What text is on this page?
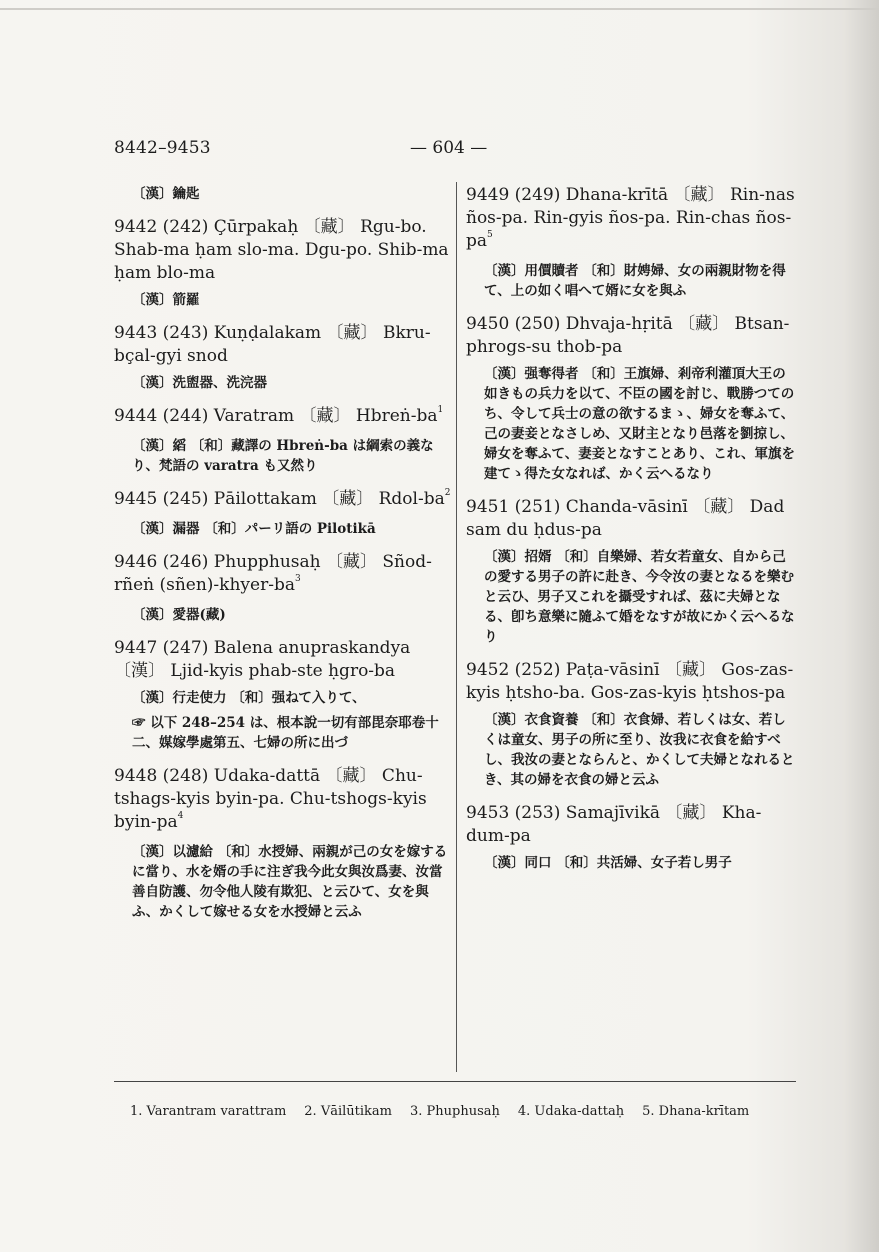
8442–9453	— 604 —
〔漢〕鑰匙

9442 (242) Çūrpakaḥ 〔藏〕 Rgu-bo. Shab-ma ḥam slo-ma. Dgu-po. Shib-ma ḥam blo-ma

〔漢〕箭羅

9443 (243) Kuṇḍalakam 〔藏〕 Bkru-bçal-gyi snod

〔漢〕洗盥器、洗浣器

9444 (244) Varatram 〔藏〕 Hbreṅ-$ba^1$

〔漢〕縚 〔和〕藏譯の Hbreṅ-ba は綱索の義なり、梵語の varatra も又然り

9445 (245) Pāilottakam 〔藏〕 Rdol-$ba^2$

〔漢〕漏器 〔和〕パーリ語の Pilotikā

9446 (246) Phupphusaḥ 〔藏〕 Sñod-rñeṅ $(sñen)-khyer-ba^3$

〔漢〕愛器(藏)

9447 (247) Balena anupraskandya 〔漢〕 Ljid-kyis phab-ste ḥgro-ba

〔漢〕行走使力 〔和〕强ねて入りて、
☞ 以下 248–254 は、根本說一切有部毘奈耶卷十二、媒嫁學處第五、七婦の所に出づ

9448 (248) Udaka-dattā 〔藏〕 Chu-tshags-kyis byin-pa. Chu-tshogs-kyis byin-$pa^4$

〔漢〕以濾給 〔和〕水授婦、兩親が己の女を嫁するに當り、水を婿の手に注ぎ我今此女與汝爲妻、汝當善自防護、勿令他人陵有欺犯、と云ひて、女を與ふ、かくして嫁せる女を水授婦と云ふ

9449 (249) Dhana-krītā 〔藏〕 Rin-nas ños-pa. Rin-gyis ños-pa. Rin-chas ños-$pa^5$

〔漢〕用價贖者 〔和〕財娉婦、女の兩親財物を得て、上の如く唱へて婿に女を與ふ

9450 (250) Dhvaja-hṛitā 〔藏〕 Btsan-phrogs-su thob-pa

〔漢〕强奪得者 〔和〕王旗婦、剎帝利灌頂大王の如きもの兵力を以て、不臣の國を討じ、戰勝つての ち、令して兵士の意の欲するまゝ、婦女を奪ふて、己の妻妾となさしめ、又財主となり邑落を劉掠し、婦女を奪ふて、妻妾となすことあり、これ、軍旗を建てゝ得た女なれば、かく云へるなり

9451 (251) Chanda-vāsinī 〔藏〕 Dad sam du ḥdus-pa

〔漢〕招婿 〔和〕自樂婦、若女若童女、自から己の愛する男子の許に赴き、今令汝の妻となるを樂むと云ひ、男子又これを攝受すれば、茲に夫婦となる、卽ち意樂に隨ふて婚をなすが故にかく云へるなり

9452 (252) Paṭa-vāsinī 〔藏〕 Gos-zas-kyis ḥtsho-ba. Gos-zas-kyis ḥtshos-pa

〔漢〕衣食資養 〔和〕衣食婦、若しくは女、若しくは童女、男子の所に至り、汝我に衣食を給すべし、我汝の妻とならんと、かくして夫婦となれるとき、其の婦を衣食の婦と云ふ

9453 (253) Samajīvikā 〔藏〕 Kha-dum-pa

〔漢〕同口 〔和〕共活婦、女子若し男子
1. Varantram varattram 2. Vāilūtikam 3. Phuphusaḥ 4. Udaka-dattaḥ 5. Dhana-krītam
